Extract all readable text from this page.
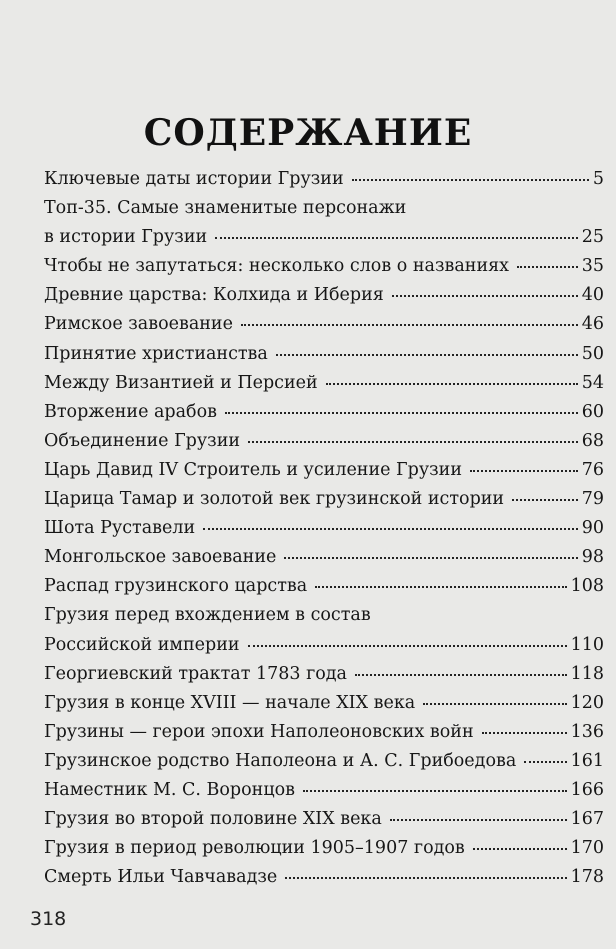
СОДЕРЖАНИЕ
Ключевые даты истории Грузии	5
Топ-35. Самые знаменитые персонажи
в истории Грузии	25
Чтобы не запутаться: несколько слов о названиях	35
Древние царства: Колхида и Иберия	40
Римское завоевание	46
Принятие христианства	50
Между Византией и Персией	54
Вторжение арабов	60
Объединение Грузии	68
Царь Давид IV Строитель и усиление Грузии	76
Царица Тамар и золотой век грузинской истории	79
Шота Руставели	90
Монгольское завоевание	98
Распад грузинского царства	108
Грузия перед вхождением в состав
Российской империи	110
Георгиевский трактат 1783 года	118
Грузия в конце XVIII — начале XIX века	120
Грузины — герои эпохи Наполеоновских войн	136
Грузинское родство Наполеона и А. С. Грибоедова	161
Наместник М. С. Воронцов	166
Грузия во второй половине XIX века	167
Грузия в период революции 1905–1907 годов	170
Смерть Ильи Чавчавадзе	178
318
